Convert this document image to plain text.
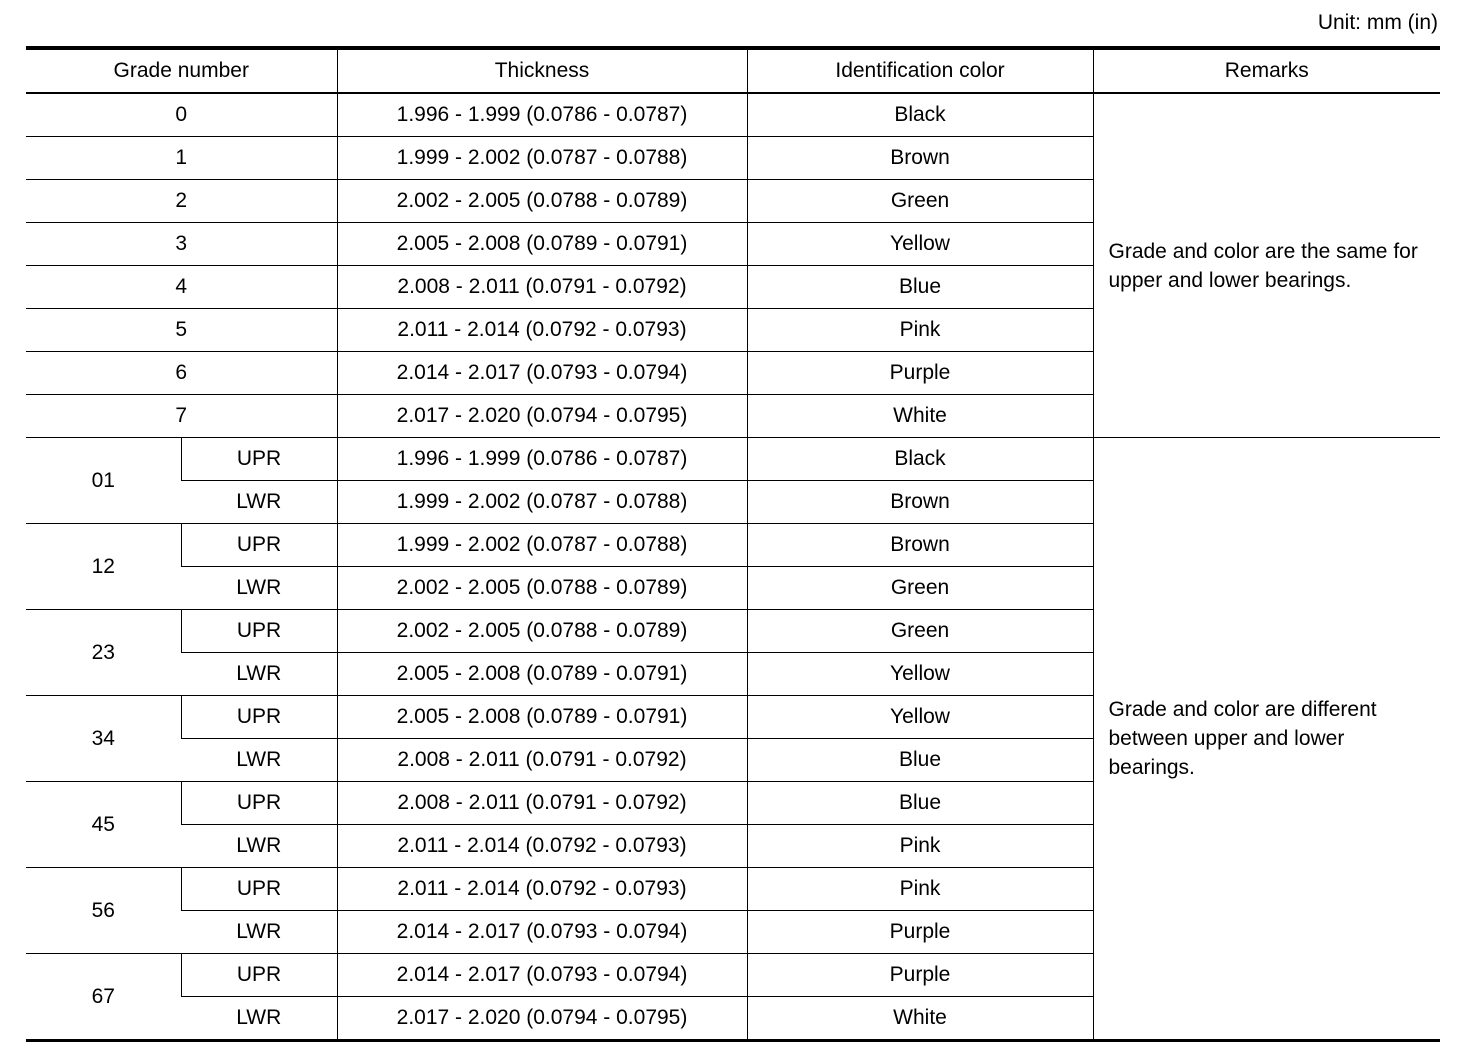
Unit: mm (in)
Grade number		Thickness	Identification color	Remarks
0		1.996 - 1.999 (0.0786 - 0.0787)	Black	Grade and color are the same for upper and lower bearings.
1		1.999 - 2.002 (0.0787 - 0.0788)	Brown	
2		2.002 - 2.005 (0.0788 - 0.0789)	Green	
3		2.005 - 2.008 (0.0789 - 0.0791)	Yellow	
4		2.008 - 2.011 (0.0791 - 0.0792)	Blue	
5		2.011 - 2.014 (0.0792 - 0.0793)	Pink	
6		2.014 - 2.017 (0.0793 - 0.0794)	Purple	
7		2.017 - 2.020 (0.0794 - 0.0795)	White	
01	UPR	1.996 - 1.999 (0.0786 - 0.0787)	Black	Grade and color are different between upper and lower bearings.
	LWR	1.999 - 2.002 (0.0787 - 0.0788)	Brown	
12	UPR	1.999 - 2.002 (0.0787 - 0.0788)	Brown	
	LWR	2.002 - 2.005 (0.0788 - 0.0789)	Green	
23	UPR	2.002 - 2.005 (0.0788 - 0.0789)	Green	
	LWR	2.005 - 2.008 (0.0789 - 0.0791)	Yellow	
34	UPR	2.005 - 2.008 (0.0789 - 0.0791)	Yellow	
	LWR	2.008 - 2.011 (0.0791 - 0.0792)	Blue	
45	UPR	2.008 - 2.011 (0.0791 - 0.0792)	Blue	
	LWR	2.011 - 2.014 (0.0792 - 0.0793)	Pink	
56	UPR	2.011 - 2.014 (0.0792 - 0.0793)	Pink	
	LWR	2.014 - 2.017 (0.0793 - 0.0794)	Purple	
67	UPR	2.014 - 2.017 (0.0793 - 0.0794)	Purple	
	LWR	2.017 - 2.020 (0.0794 - 0.0795)	White	
